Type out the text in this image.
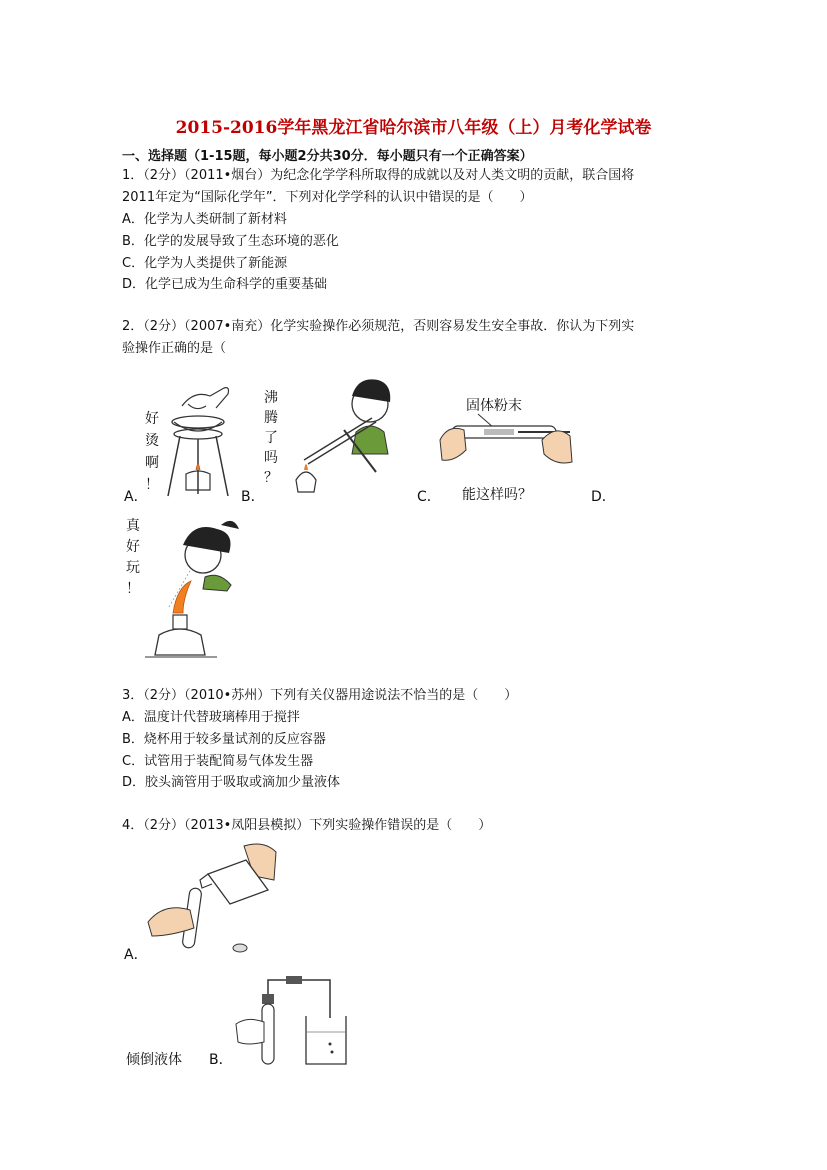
2015-2016学年黑龙江省哈尔滨市八年级（上）月考化学试卷
一、选择题（1-15题，每小题2分共30分．每小题只有一个正确答案）
1．（2分）（2011•烟台）为纪念化学学科所取得的成就以及对人类文明的贡献，联合国将
2011年定为“国际化学年”．下列对化学学科的认识中错误的是（　　）
A．化学为人类研制了新材料
B．化学的发展导致了生态环境的恶化
C．化学为人类提供了新能源
D．化学已成为生命科学的重要基础
2．（2分）（2007•南充）化学实验操作必须规范，否则容易发生安全事故．你认为下列实
验操作正确的是（
好
烫
啊
！
A．
沸
腾
了
吗
？
B．
固体粉末
C． 能这样吗？	D．
真
好
玩
！
3．（2分）（2010•苏州）下列有关仪器用途说法不恰当的是（　　）
A．温度计代替玻璃棒用于搅拌
B．烧杯用于较多量试剂的反应容器
C．试管用于装配简易气体发生器
D．胶头滴管用于吸取或滴加少量液体
4．（2分）（2013•凤阳县模拟）下列实验操作错误的是（　　）
A．
倾倒液体 B．
